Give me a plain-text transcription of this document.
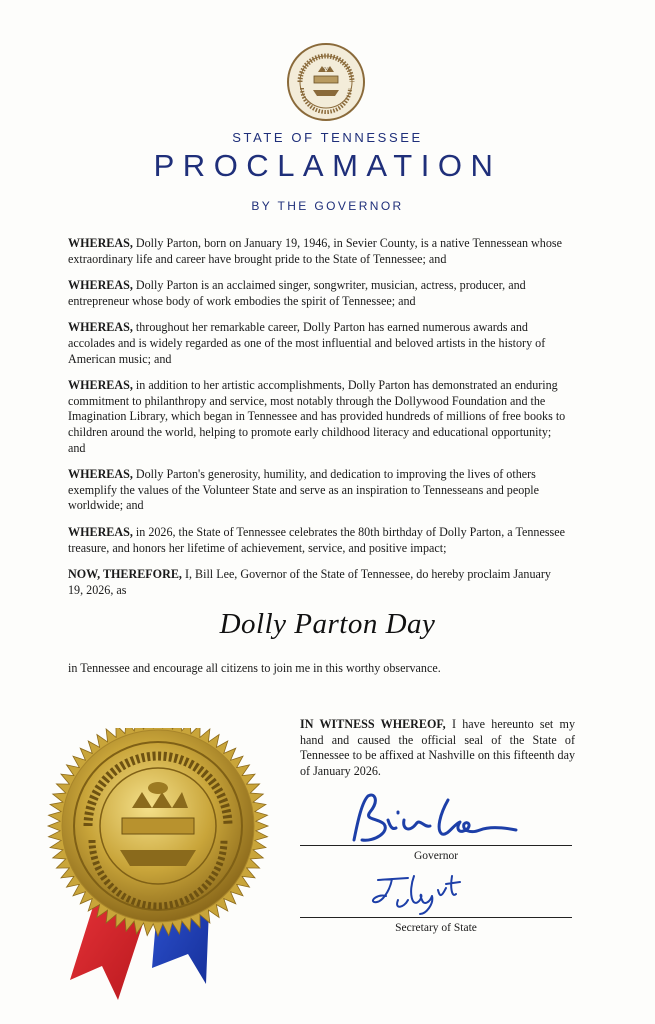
XVI
STATE OF TENNESSEE
PROCLAMATION
BY THE GOVERNOR

WHEREAS, Dolly Parton, born on January 19, 1946, in Sevier County, is a native Tennessean whose extraordinary life and career have brought pride to the State of Tennessee; and

WHEREAS, Dolly Parton is an acclaimed singer, songwriter, musician, actress, producer, and entrepreneur whose body of work embodies the spirit of Tennessee; and

WHEREAS, throughout her remarkable career, Dolly Parton has earned numerous awards and accolades and is widely regarded as one of the most influential and beloved artists in the history of American music; and

WHEREAS, in addition to her artistic accomplishments, Dolly Parton has demonstrated an enduring commitment to philanthropy and service, most notably through the Dollywood Foundation and the Imagination Library, which began in Tennessee and has provided hundreds of millions of free books to children around the world, helping to promote early childhood literacy and educational opportunity; and

WHEREAS, Dolly Parton's generosity, humility, and dedication to improving the lives of others exemplify the values of the Volunteer State and serve as an inspiration to Tennesseans and people worldwide; and

WHEREAS, in 2026, the State of Tennessee celebrates the 80th birthday of Dolly Parton, a Tennessee treasure, and honors her lifetime of achievement, service, and positive impact;

NOW, THEREFORE, I, Bill Lee, Governor of the State of Tennessee, do hereby proclaim January 19, 2026, as

Dolly Parton Day
in Tennessee and encourage all citizens to join me in this worthy observance.
IN WITNESS WHEREOF, I have hereunto set my hand and caused the official seal of the State of Tennessee to be affixed at Nashville on this fifteenth day of January 2026.
Governor
Secretary of State
